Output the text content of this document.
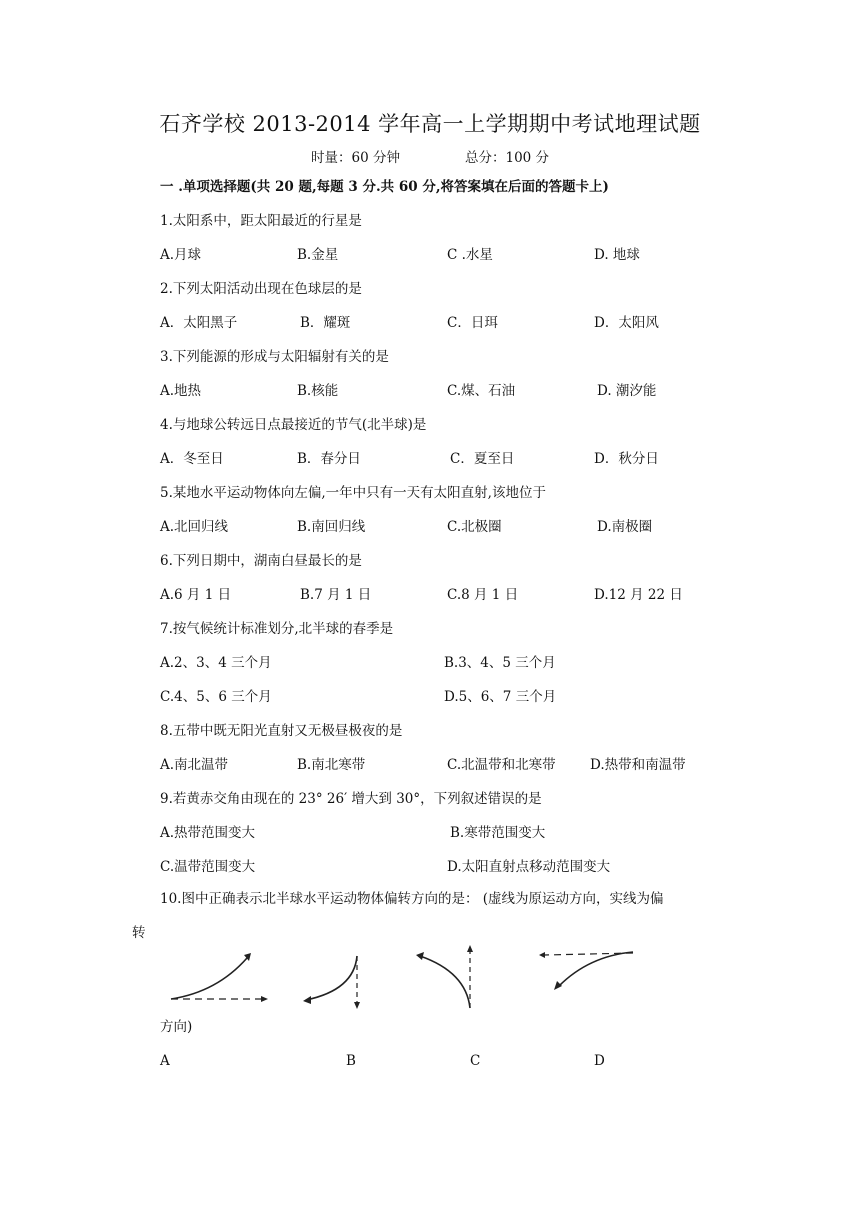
石齐学校 2013-2014 学年高一上学期期中考试地理试题
时量：60 分钟	总分：100 分
一 .单项选择题(共 20 题,每题 3 分.共 60 分,将答案填在后面的答题卡上)
1.太阳系中，距太阳最近的行星是
A.月球	B.金星	C .水星	D. 地球
2.下列太阳活动出现在色球层的是
A．太阳黑子	B．耀斑	C．日珥	D．太阳风
3.下列能源的形成与太阳辐射有关的是
A.地热	B.核能	C.煤、石油	D. 潮汐能
4.与地球公转远日点最接近的节气(北半球)是
A．冬至日	B．春分日	C．夏至日	D．秋分日
5.某地水平运动物体向左偏,一年中只有一天有太阳直射,该地位于
A.北回归线	B.南回归线	C.北极圈	D.南极圈
6.下列日期中，湖南白昼最长的是
A.6 月 1 日	B.7 月 1 日	C.8 月 1 日	D.12 月 22 日
7.按气候统计标准划分,北半球的春季是
A.2、3、4 三个月	B.3、4、5 三个月
C.4、5、6 三个月	D.5、6、7 三个月
8.五带中既无阳光直射又无极昼极夜的是
A.南北温带	B.南北寒带	C.北温带和北寒带	D.热带和南温带
9.若黄赤交角由现在的 23° 26′ 增大到 30°，下列叙述错误的是
A.热带范围变大	B.寒带范围变大
C.温带范围变大	D.太阳直射点移动范围变大
10.图中正确表示北半球水平运动物体偏转方向的是： (虚线为原运动方向，实线为偏
转
方向)
A	B	C	D
